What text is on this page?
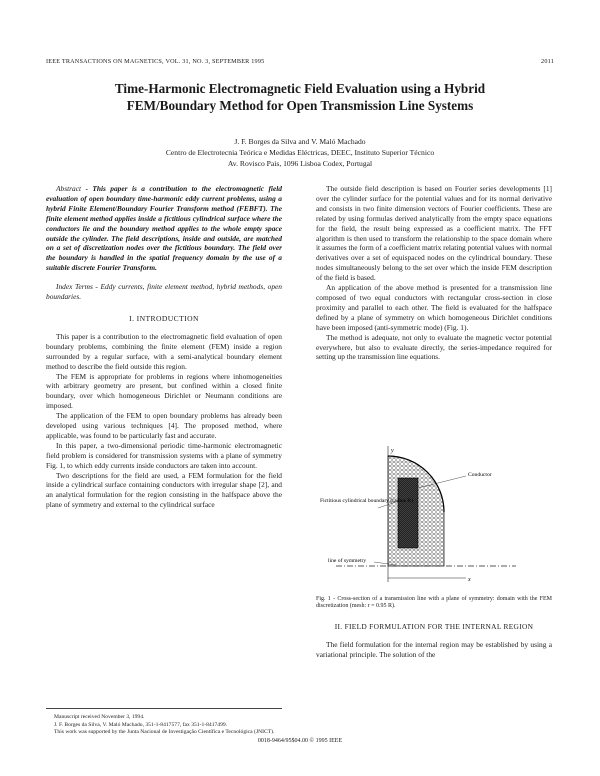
IEEE TRANSACTIONS ON MAGNETICS, VOL. 31, NO. 3, SEPTEMBER 1995	2011
Time-Harmonic Electromagnetic Field Evaluation using a Hybrid
FEM/Boundary Method for Open Transmission Line Systems
J. F. Borges da Silva and V. Maló Machado
Centro de Electrotecnia Teórica e Medidas Eléctricas, DEEC, Instituto Superior Técnico
Av. Rovisco Pais, 1096 Lisboa Codex, Portugal

Abstract - This paper is a contribution to the electromagnetic field evaluation of open boundary time-harmonic eddy current problems, using a hybrid Finite Element/Boundary Fourier Transform method (FEBFT). The finite element method applies inside a fictitious cylindrical surface where the conductors lie and the boundary method applies to the whole empty space outside the cylinder. The field descriptions, inside and outside, are matched on a set of discretization nodes over the fictitious boundary. The field over the boundary is handled in the spatial frequency domain by the use of a suitable discrete Fourier Transform.

Index Terms - Eddy currents, finite element method, hybrid methods, open boundaries.

I. INTRODUCTION

This paper is a contribution to the electromagnetic field evaluation of open boundary problems, combining the finite element (FEM) inside a region surrounded by a regular surface, with a semi-analytical boundary element method to describe the field outside this region.

The FEM is appropriate for problems in regions where inhomogeneities with arbitrary geometry are present, but confined within a closed finite boundary, over which homogeneous Dirichlet or Neumann conditions are imposed.

The application of the FEM to open boundary problems has already been developed using various techniques [4]. The proposed method, where applicable, was found to be particularly fast and accurate.

In this paper, a two-dimensional periodic time-harmonic electromagnetic field problem is considered for transmission systems with a plane of symmetry Fig. 1, to which eddy currents inside conductors are taken into account.

Two descriptions for the field are used, a FEM formulation for the field inside a cylindrical surface containing conductors with irregular shape [2], and an analytical formulation for the region consisting in the halfspace above the plane of symmetry and external to the cylindrical surface

Manuscript received November 3, 1994.

J. F. Borges da Silva, V. Maló Machado, 351-1-8417577, fax 351-1-8417499.

This work was supported by the Junta Nacional de Investigação Científica e Tecnológica (JNICT).

The outside field description is based on Fourier series developments [1] over the cylinder surface for the potential values and for its normal derivative and consists in two finite dimension vectors of Fourier coefficients. These are related by using formulas derived analytically from the empty space equations for the field, the result being expressed as a coefficient matrix. The FFT algorithm is then used to transform the relationship to the space domain where it assumes the form of a coefficient matrix relating potential values with normal derivatives over a set of equispaced nodes on the cylindrical boundary. These nodes simultaneously belong to the set over which the inside FEM description of the field is based.

An application of the above method is presented for a transmission line composed of two equal conductors with rectangular cross-section in close proximity and parallel to each other. The field is evaluated for the halfspace defined by a plane of symmetry on which homogeneous Dirichlet conditions have been imposed (anti-symmetric mode) (Fig. 1).

The method is adequate, not only to evaluate the magnetic vector potential everywhere, but also to evaluate directly, the series-impedance required for setting up the transmission line equations.

Fictitious cylindrical boundary (radius R)
Conductor
line of symmetry
x
y
Fig. 1 - Cross-section of a transmission line with a plane of symmetry: domain with the FEM discretization (mesh: r = 0.95 R).
II. FIELD FORMULATION FOR THE INTERNAL REGION

The field formulation for the internal region may be established by using a variational principle. The solution of the

0018-9464/95$04.00 © 1995 IEEE
